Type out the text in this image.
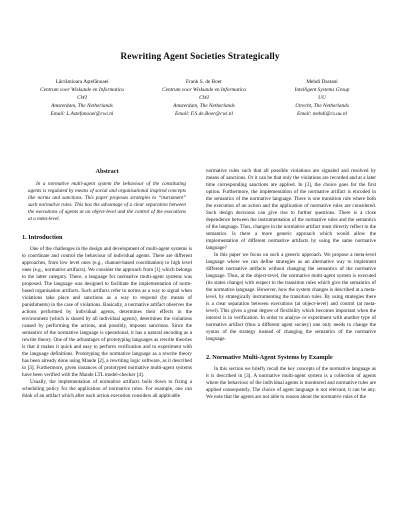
Rewriting Agent Societies Strategically
Lăcrămioara Aştefănoaei
Centrum voor Wiskunde en Informatica
CWI
Amsterdam, The Netherlands
Email: L.Astefanoaei@cwi.nl
Frank S. de Boer
Centrum voor Wiskunde en Informatica
CWI
Amsterdam, The Netherlands
Email: F.S.de.Boer@cwi.nl
Mehdi Dastani
Intelligent Systems Group
UU
Utrecht, The Netherlands
Email: mehdi@cs.uu.nl
Abstract

In a normative multi-agent system the behaviour of the constituting agents is regulated by means of social and organisational inspired concepts like norms and sanctions. This paper proposes strategies to “instrument” such normative rules. This has the advantage of a clear separation between the executions of agents at an object-level and the control of the executions at a meta-level.

1. Introduction

One of the challenges in the design and development of multi-agent systems is to coordinate and control the behaviour of individual agents. There are different approaches, from low level ones (e.g., channel-based coordination) to high level ones (e.g., normative artifacts). We consider the approach from [1] which belongs to the latter category. There, a language for normative multi-agent systems was proposed. The language was designed to facilitate the implementation of norm-based organisation artifacts. Such artifacts refer to norms as a way to signal when violations take place and sanctions as a way to respond (by means of punishments) in the case of violations. Basically, a normative artifact observes the actions performed by individual agents, determines their effects in the environment (which is shared by all individual agents), determines the violations caused by performing the actions, and possibly, imposes sanctions. Since the semantics of the normative language is operational, it has a natural encoding as a rewrite theory. One of the advantages of prototyping languages as rewrite theories is that it makes it quick and easy to perform verification and to experiment with the language definitions. Prototyping the normative language as a rewrite theory has been already done using Maude [2], a rewriting logic software, as it described in [3]. Furthermore, given instances of prototyped normative multi-agent systems have been verified with the Maude LTL model-checker [4].

Usually, the implementation of normative artifacts boils down to fixing a scheduling policy for the application of normative rules. For example, one can think of an artifact which after each action execution considers all applicable

normative rules such that all possible violations are signaled and resolved by means of sanctions. Or it can be that only the violations are recorded and at a later time corresponding sanctions are applied. In [3], the choice goes for the first option. Furthermore, the implementation of the normative artifact is encoded in the semantics of the normative language. There is one transition rule where both the execution of an action and the application of normative rules are considered. Such design decisions can give rise to further questions. There is a close dependence between the instrumentation of the normative rules and the semantics of the language. Thus, changes in the normative artifact must directly reflect in the semantics. Is there a more generic approach which would allow the implementation of different normative artifacts by using the same normative language?

In this paper we focus on such a generic approach. We propose a meta-level language where we can define strategies as an alternative way to implement different normative artifacts without changing the semantics of the normative language. Thus, at the object-level, the normative multi-agent system is executed (its states change) with respect to the transition rules which give the semantics of the normative language. However, how the system changes is described at a meta-level, by strategically instrumenting the transition rules. By using strategies there is a clear separation between executions (at object-level) and control (at meta-level). This gives a great degree of flexibility which becomes important when the interest is in verification. In order to analyse or experiment with another type of normative artifact (thus a different agent society) one only needs to change the syntax of the strategy instead of changing the semantics of the normative language.

2. Normative Multi-Agent Systems by Example

In this section we briefly recall the key concepts of the normative language as it is described in [3]. A normative multi-agent system is a collection of agents where the behaviour of the individual agents is monitored and normative rules are applied consequently. The choice of agent language is not relevant, it can be any. We note that the agents are not able to reason about the normative rules of the
